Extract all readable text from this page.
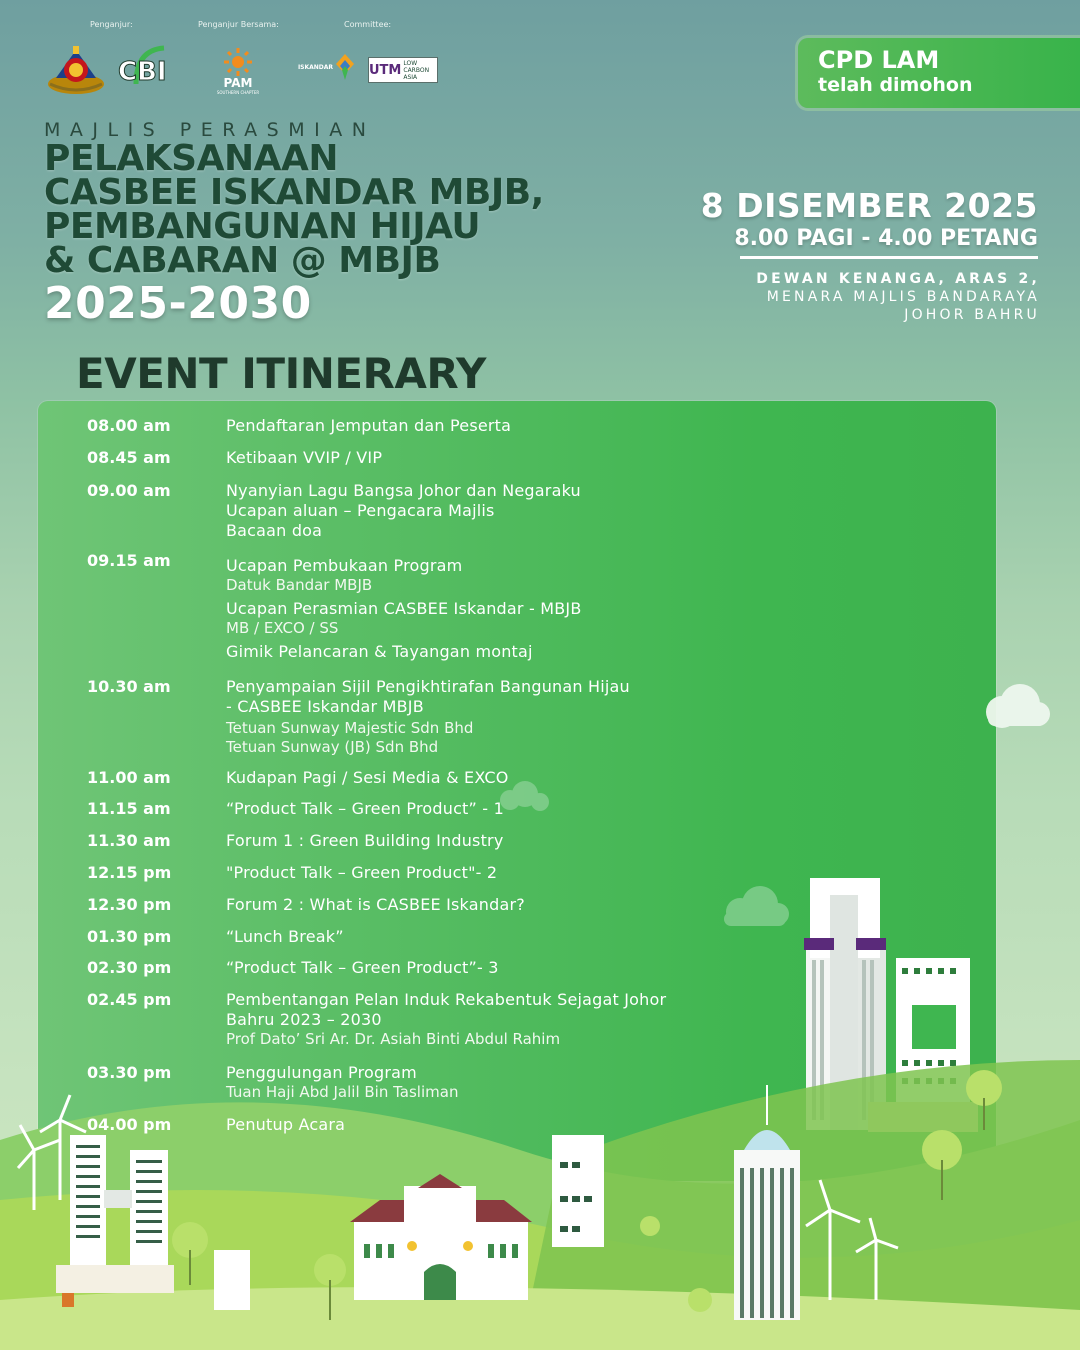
Penganjur:	Penganjur Bersama:	Committee:
CBI	PAM
SOUTHERN CHAPTER
ISKANDAR	UTM LOW CARBON ASIA
CPD LAM
telah dimohon
MAJLIS PERASMIAN
PELAKSANAAN
CASBEE ISKANDAR MBJB,
PEMBANGUNAN HIJAU
& CABARAN @ MBJB
2025-2030
8 DISEMBER 2025
8.00 PAGI - 4.00 PETANG
DEWAN KENANGA, ARAS 2,
MENARA MAJLIS BANDARAYA
JOHOR BAHRU
EVENT ITINERARY
08.00 am	Pendaftaran Jemputan dan Peserta
08.45 am	Ketibaan VVIP / VIP
09.00 am	Nyanyian Lagu Bangsa Johor dan Negaraku
Ucapan aluan – Pengacara Majlis
Bacaan doa
09.15 am	Ucapan Pembukaan Program
Datuk Bandar MBJB
Ucapan Perasmian CASBEE Iskandar - MBJB
MB / EXCO / SS
Gimik Pelancaran & Tayangan montaj
10.30 am	Penyampaian Sijil Pengikhtirafan Bangunan Hijau
- CASBEE Iskandar MBJB
Tetuan Sunway Majestic Sdn Bhd
Tetuan Sunway (JB) Sdn Bhd
11.00 am	Kudapan Pagi / Sesi Media & EXCO
11.15 am	“Product Talk – Green Product” - 1
11.30 am	Forum 1 : Green Building Industry
12.15 pm	"Product Talk – Green Product"- 2
12.30 pm	Forum 2 : What is CASBEE Iskandar?
01.30 pm	“Lunch Break”
02.30 pm	“Product Talk – Green Product”- 3
02.45 pm	Pembentangan Pelan Induk Rekabentuk Sejagat Johor
Bahru 2023 – 2030
Prof Dato’ Sri Ar. Dr. Asiah Binti Abdul Rahim
03.30 pm	Penggulungan Program
Tuan Haji Abd Jalil Bin Tasliman
04.00 pm	Penutup Acara
